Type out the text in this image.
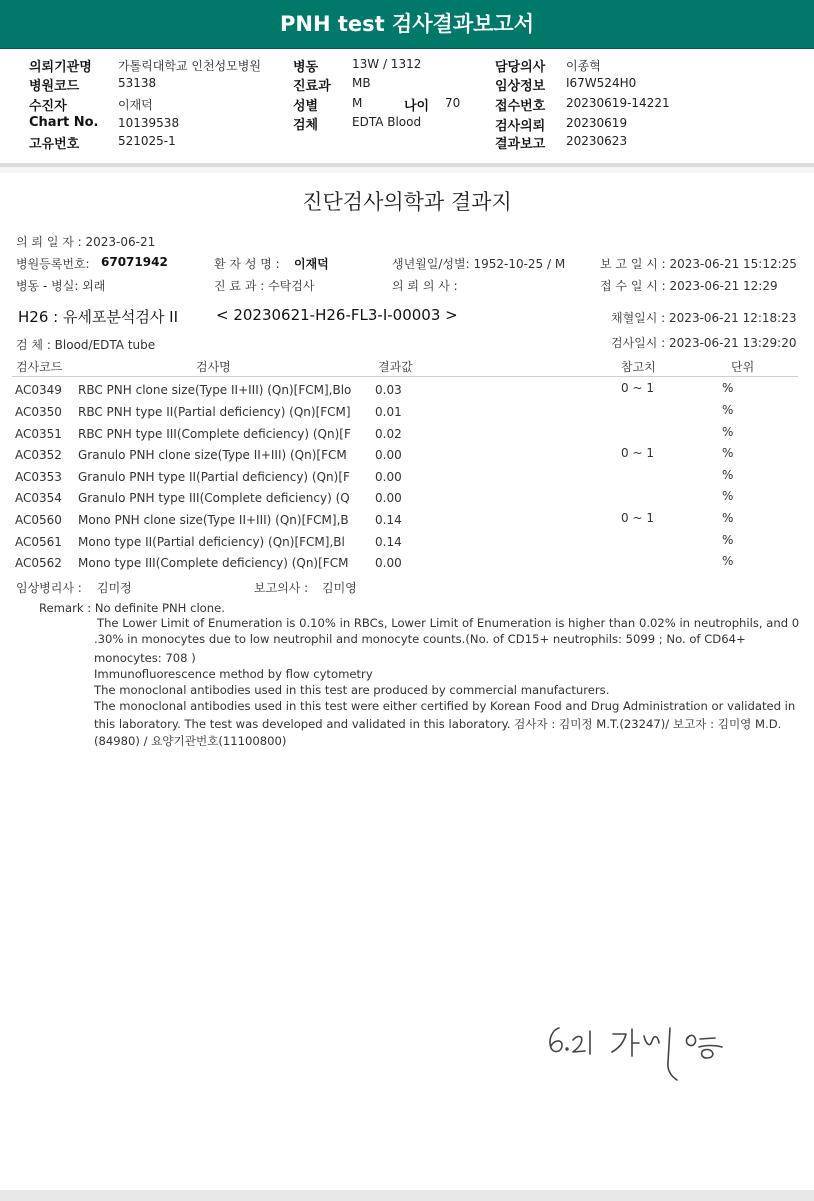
PNH test 검사결과보고서
의뢰기관명 가톨릭대학교 인천성모병원
병원코드	53138
수진자	이재덕
Chart No. 10139538
고유번호	521025-1
병동	13W / 1312
진료과 MB
성별	M	나이 70
검체	EDTA Blood
담당의사 이종혁
임상정보 I67W524H0
접수번호 20230619-14221
검사의뢰 20230619
결과보고 20230623
진단검사의학과 결과지
의 뢰 일 자 : 2023-06-21
병원등록번호: 67071942	환 자 성 명 : 이재덕	생년월일/성별: 1952-10-25 / M	보 고 일 시 : 2023-06-21 15:12:25
병동 - 병실: 외래	진 료 과 : 수탁검사	의 뢰 의 사 :	접 수 일 시 : 2023-06-21 12:29
H26 : 유세포분석검사 II	< 20230621-H26-FL3-I-00003 >	채혈일시 : 2023-06-21 12:18:23
검 체 : Blood/EDTA tube	검사일시 : 2023-06-21 13:29:20
검사코드	검사명	결과값	참고치	단위
AC0349 RBC PNH clone size(Type II+III) (Qn)[FCM],Blo 0.03	0 ~ 1	%
AC0350 RBC PNH type II(Partial deficiency) (Qn)[FCM] 0.01	%
AC0351 RBC PNH type III(Complete deficiency) (Qn)[F 0.02	%
AC0352 Granulo PNH clone size(Type II+III) (Qn)[FCM 0.00	0 ~ 1	%
AC0353 Granulo PNH type II(Partial deficiency) (Qn)[F 0.00	%
AC0354 Granulo PNH type III(Complete deficiency) (Q 0.00	%
AC0560 Mono PNH clone size(Type II+III) (Qn)[FCM],B 0.14	0 ~ 1	%
AC0561 Mono type II(Partial deficiency) (Qn)[FCM],Bl	0.14	%
AC0562 Mono type III(Complete deficiency) (Qn)[FCM 0.00	%
임상병리사 : 김미정	보고의사 : 김미영
Remark : No definite PNH clone.
The Lower Limit of Enumeration is 0.10% in RBCs, Lower Limit of Enumeration is higher than 0.02% in neutrophils, and 0
.30% in monocytes due to low neutrophil and monocyte counts.(No. of CD15+ neutrophils: 5099 ; No. of CD64+
monocytes: 708 )
Immunofluorescence method by flow cytometry
The monoclonal antibodies used in this test are produced by commercial manufacturers.
The monoclonal antibodies used in this test were either certified by Korean Food and Drug Administration or validated in
this laboratory. The test was developed and validated in this laboratory. 검사자 : 김미정 M.T.(23247)/ 보고자 : 김미영 M.D.
(84980) / 요양기관번호(11100800)
